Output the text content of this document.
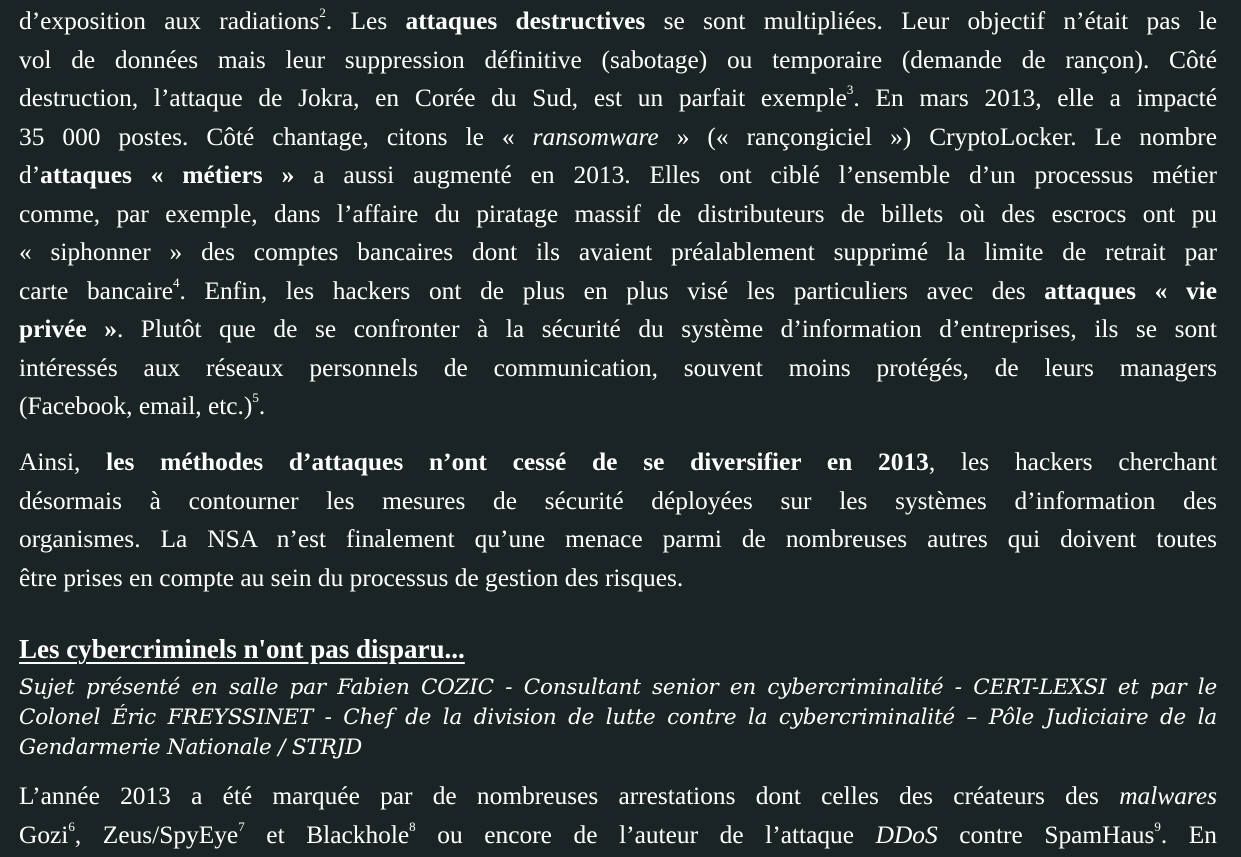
d’exposition aux radiations$^2$. Les attaques destructives se sont multipliées. Leur objectif n’était pas le
vol de données mais leur suppression définitive (sabotage) ou temporaire (demande de rançon). Côté
destruction, l’attaque de Jokra, en Corée du Sud, est un parfait exemple$^3$. En mars 2013, elle a impacté
35 000 postes. Côté chantage, citons le « ransomware » (« rançongiciel ») CryptoLocker. Le nombre
d’attaques « métiers » a aussi augmenté en 2013. Elles ont ciblé l’ensemble d’un processus métier
comme, par exemple, dans l’affaire du piratage massif de distributeurs de billets où des escrocs ont pu
« siphonner » des comptes bancaires dont ils avaient préalablement supprimé la limite de retrait par
carte bancaire$^4$. Enfin, les hackers ont de plus en plus visé les particuliers avec des attaques « vie
privée ». Plutôt que de se confronter à la sécurité du système d’information d’entreprises, ils se sont
intéressés aux réseaux personnels de communication, souvent moins protégés, de leurs managers
(Facebook, email, etc.)$^5$.
Ainsi, les méthodes d’attaques n’ont cessé de se diversifier en 2013, les hackers cherchant
désormais à contourner les mesures de sécurité déployées sur les systèmes d’information des
organismes. La NSA n’est finalement qu’une menace parmi de nombreuses autres qui doivent toutes
être prises en compte au sein du processus de gestion des risques.
Les cybercriminels n'ont pas disparu...
Sujet présenté en salle par Fabien COZIC - Consultant senior en cybercriminalité - CERT-LEXSI et par le
Colonel Éric FREYSSINET - Chef de la division de lutte contre la cybercriminalité – Pôle Judiciaire de la
Gendarmerie Nationale / STRJD
L’année 2013 a été marquée par de nombreuses arrestations dont celles des créateurs des malwares
Gozi$^6$, Zeus/SpyEye$^7$ et Blackhole$^8$ ou encore de l’auteur de l’attaque DDoS contre SpamHaus$^9$. En
